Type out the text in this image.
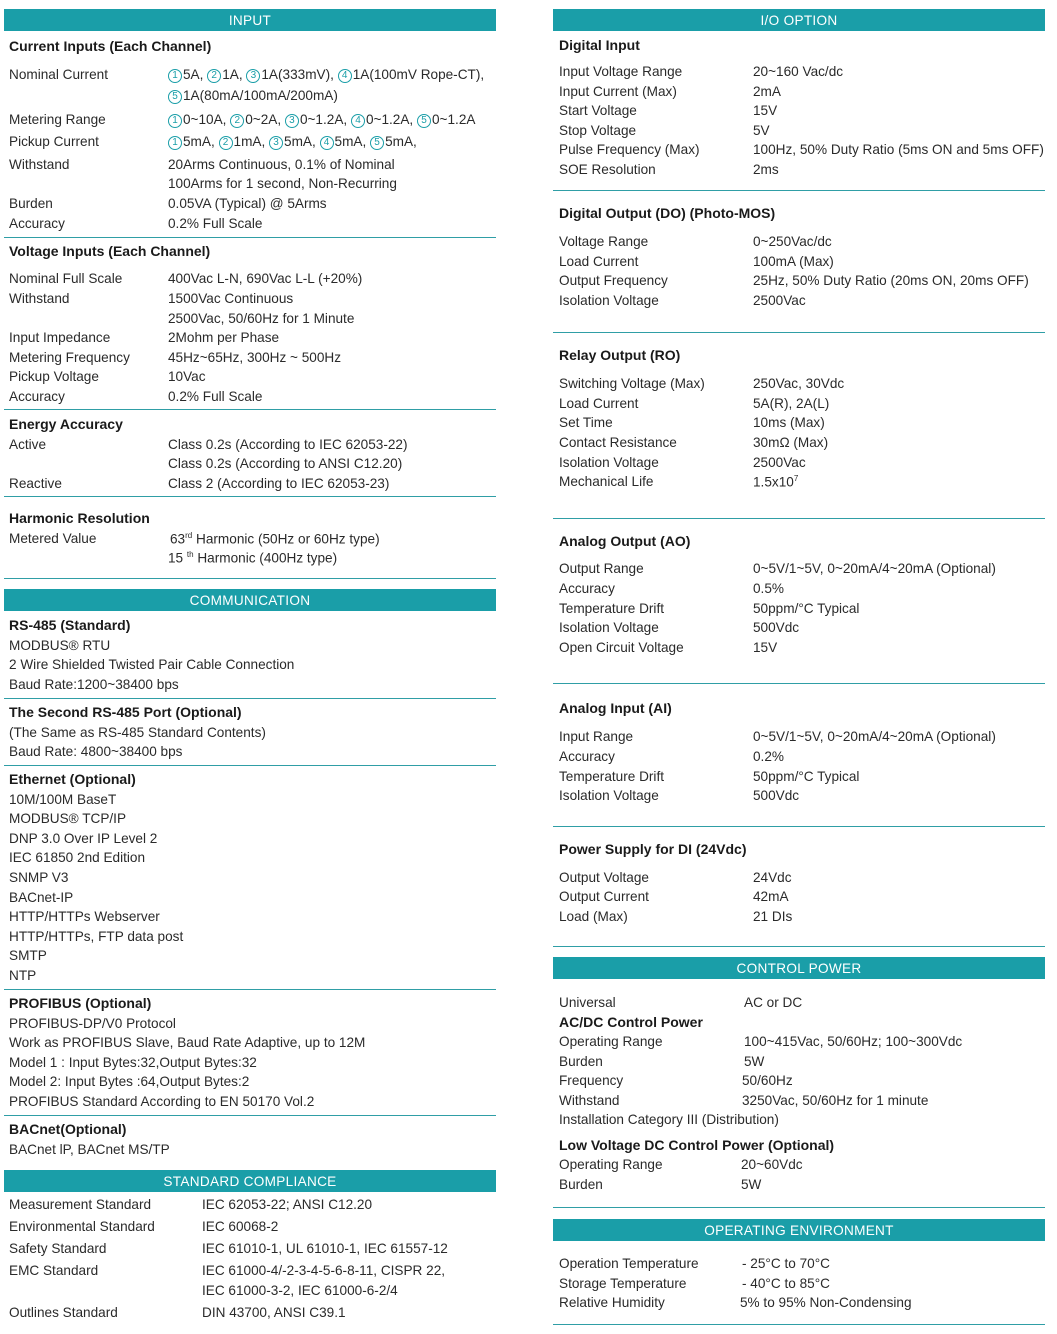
INPUT
Current Inputs (Each Channel)
Nominal Current	1 5A, 2 1A, 3 1A(333mV), 4 1A(100mV Rope-CT),
5 1A(80mA/100mA/200mA)
Metering Range	1 0~10A, 2 0~2A, 3 0~1.2A, 4 0~1.2A, 5 0~1.2A
Pickup Current	1 5mA, 2 1mA, 3 5mA, 4 5mA, 5 5mA,
Withstand	20Arms Continuous, 0.1% of Nominal
100Arms for 1 second, Non-Recurring
Burden	0.05VA (Typical) @ 5Arms
Accuracy	0.2% Full Scale
Voltage Inputs (Each Channel)
Nominal Full Scale	400Vac L-N, 690Vac L-L (+20%)
Withstand	1500Vac Continuous
2500Vac, 50/60Hz for 1 Minute
Input Impedance	2Mohm per Phase
Metering Frequency	45Hz~65Hz, 300Hz ~ 500Hz
Pickup Voltage	10Vac
Accuracy	0.2% Full Scale
Energy Accuracy
Active	Class 0.2s (According to IEC 62053-22)
Class 0.2s (According to ANSI C12.20)
Reactive	Class 2 (According to IEC 62053-23)
Harmonic Resolution
Metered Value	63rd Harmonic (50Hz or 60Hz type)
15 $^{th}$ Harmonic (400Hz type)
COMMUNICATION
RS-485 (Standard)
MODBUS® RTU
2 Wire Shielded Twisted Pair Cable Connection
Baud Rate:1200~38400 bps
The Second RS-485 Port (Optional)
(The Same as RS-485 Standard Contents)
Baud Rate: 4800~38400 bps
Ethernet (Optional)
10M/100M BaseT
MODBUS® TCP/IP
DNP 3.0 Over IP Level 2
IEC 61850 2nd Edition
SNMP V3
BACnet-IP
HTTP/HTTPs Webserver
HTTP/HTTPs, FTP data post
SMTP
NTP
PROFIBUS (Optional)
PROFIBUS-DP/V0 Protocol
Work as PROFIBUS Slave, Baud Rate Adaptive, up to 12M
Model 1 : Input Bytes:32,Output Bytes:32
Model 2: Input Bytes :64,Output Bytes:2
PROFIBUS Standard According to EN 50170 Vol.2
BACnet(Optional)
BACnet lP, BACnet MS/TP
STANDARD COMPLIANCE
Measurement Standard	IEC 62053-22; ANSI C12.20
Environmental Standard	IEC 60068-2
Safety Standard	IEC 61010-1, UL 61010-1, IEC 61557-12
EMC Standard	IEC 61000-4/-2-3-4-5-6-8-11, CISPR 22,
IEC 61000-3-2, IEC 61000-6-2/4
Outlines Standard	DIN 43700, ANSI C39.1
I/O OPTION
Digital Input
Input Voltage Range	20~160 Vac/dc
Input Current (Max)	2mA
Start Voltage	15V
Stop Voltage	5V
Pulse Frequency (Max)	100Hz, 50% Duty Ratio (5ms ON and 5ms OFF)
SOE Resolution	2ms
Digital Output (DO) (Photo-MOS)
Voltage Range	0~250Vac/dc
Load Current	100mA (Max)
Output Frequency	25Hz, 50% Duty Ratio (20ms ON, 20ms OFF)
Isolation Voltage	2500Vac
Relay Output (RO)
Switching Voltage (Max)	250Vac, 30Vdc
Load Current	5A(R), 2A(L)
Set Time	10ms (Max)
Contact Resistance	30mΩ (Max)
Isolation Voltage	2500Vac
Mechanical Life	$1.5x10^7$
Analog Output (AO)
Output Range	0~5V/1~5V, 0~20mA/4~20mA (Optional)
Accuracy	0.5%
Temperature Drift	50ppm/°C Typical
Isolation Voltage	500Vdc
Open Circuit Voltage	15V
Analog Input (AI)
Input Range	0~5V/1~5V, 0~20mA/4~20mA (Optional)
Accuracy	0.2%
Temperature Drift	50ppm/°C Typical
Isolation Voltage	500Vdc
Power Supply for DI (24Vdc)
Output Voltage	24Vdc
Output Current	42mA
Load (Max)	21 DIs
CONTROL POWER
Universal	AC or DC
AC/DC Control Power
Operating Range	100~415Vac, 50/60Hz; 100~300Vdc
Burden	5W
Frequency	50/60Hz
Withstand	3250Vac, 50/60Hz for 1 minute
Installation Category III (Distribution)
Low Voltage DC Control Power (Optional)
Operating Range	20~60Vdc
Burden	5W
OPERATING ENVIRONMENT
Operation Temperature	- 25°C to 70°C
Storage Temperature	- 40°C to 85°C
Relative Humidity	5% to 95% Non-Condensing
